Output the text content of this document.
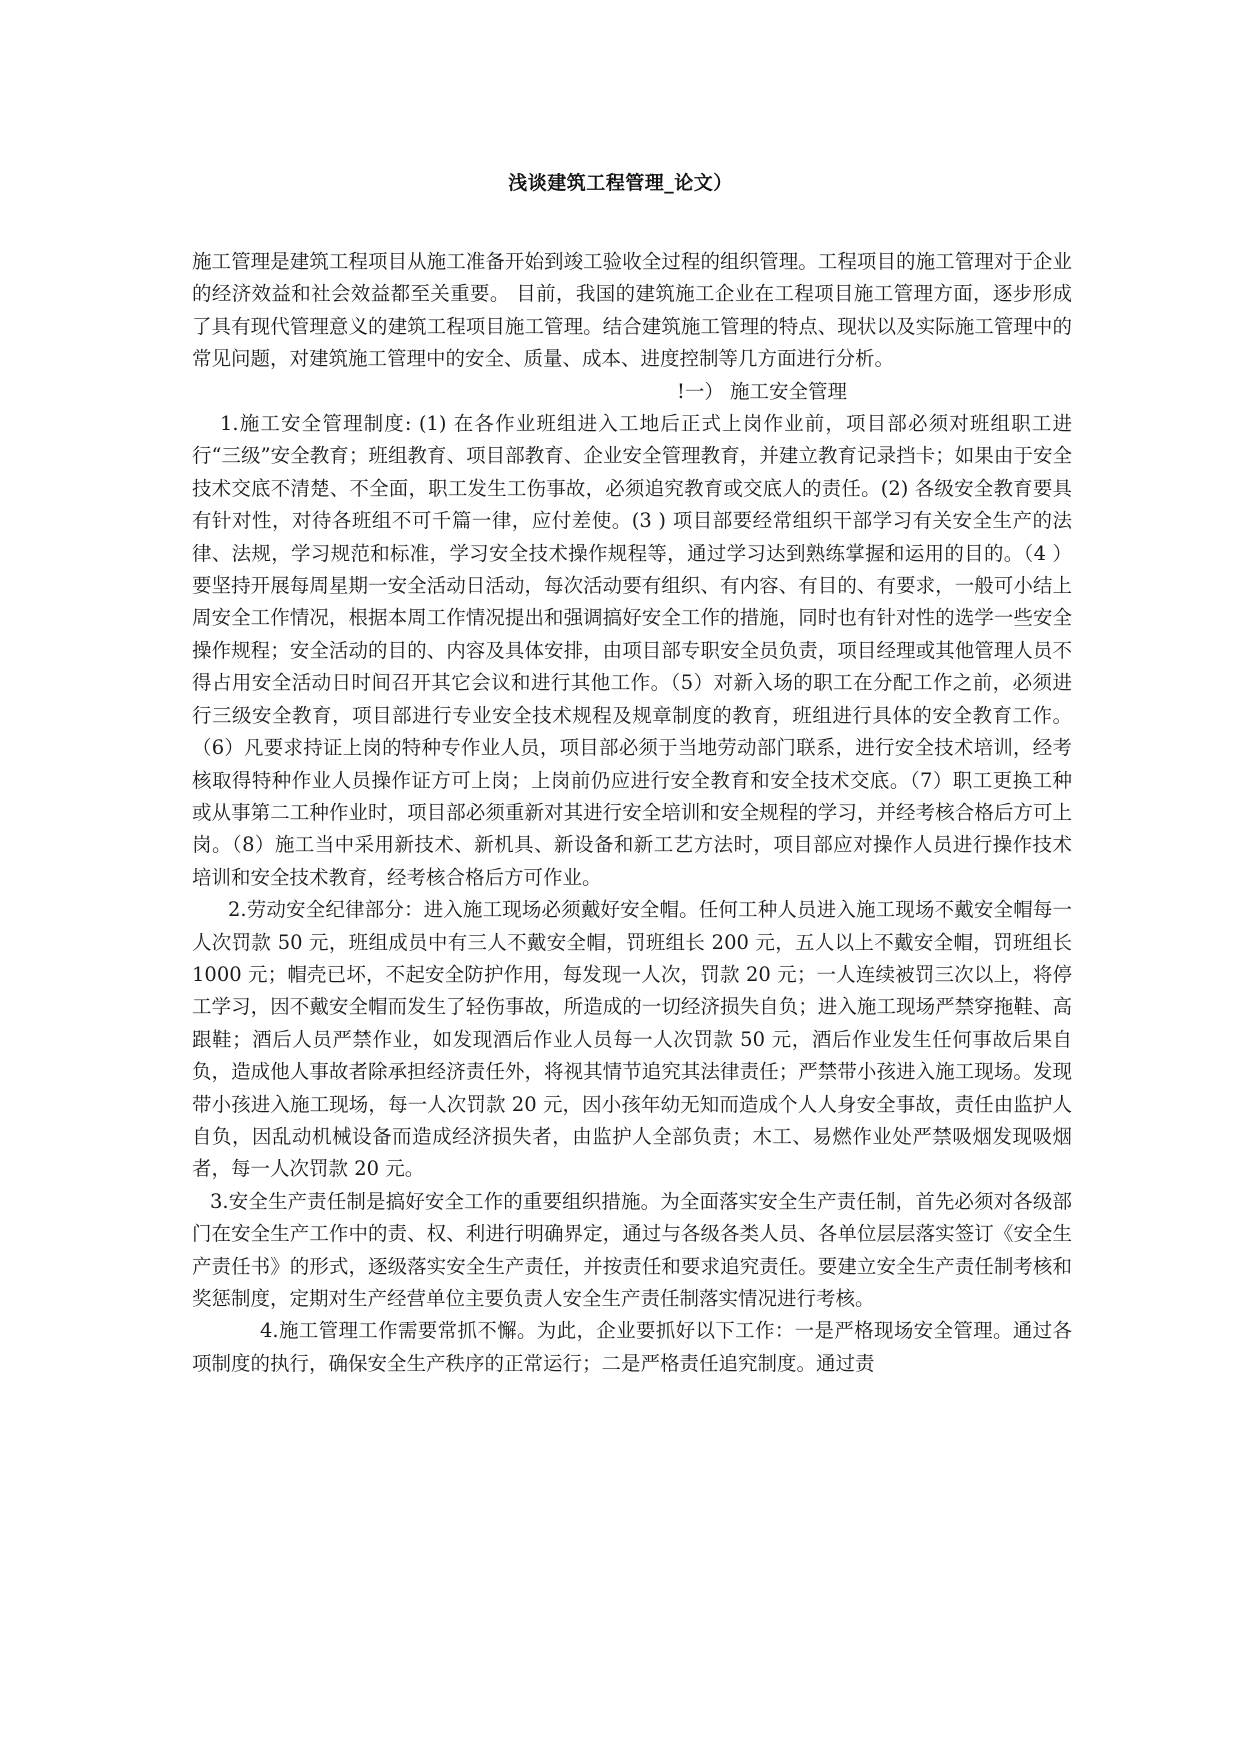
浅谈建筑工程管理_论文）

施工管理是建筑工程项目从施工准备开始到竣工验收全过程的组织管理。工程项目的施工管理对于企业的经济效益和社会效益都至关重要。 目前，我国的建筑施工企业在工程项目施工管理方面，逐步形成了具有现代管理意义的建筑工程项目施工管理。结合建筑施工管理的特点、现状以及实际施工管理中的常见问题，对建筑施工管理中的安全、质量、成本、进度控制等几方面进行分析。

!一） 施工安全管理

1.施工安全管理制度: (1) 在各作业班组进入工地后正式上岗作业前，项目部必须对班组职工进行“三级”安全教育；班组教育、项目部教育、企业安全管理教育，并建立教育记录挡卡；如果由于安全技术交底不清楚、不全面，职工发生工伤事故，必须追究教育或交底人的责任。(2) 各级安全教育要具有针对性，对待各班组不可千篇一律，应付差使。(3 ) 项目部要经常组织干部学习有关安全生产的法律、法规，学习规范和标准，学习安全技术操作规程等，通过学习达到熟练掌握和运用的目的。（4 ）要坚持开展每周星期一安全活动日活动，每次活动要有组织、有内容、有目的、有要求，一般可小结上周安全工作情况，根据本周工作情况提出和强调搞好安全工作的措施，同时也有针对性的选学一些安全操作规程；安全活动的目的、内容及具体安排，由项目部专职安全员负责，项目经理或其他管理人员不得占用安全活动日时间召开其它会议和进行其他工作。（5）对新入场的职工在分配工作之前，必须进行三级安全教育，项目部进行专业安全技术规程及规章制度的教育，班组进行具体的安全教育工作。（6）凡要求持证上岗的特种专作业人员，项目部必须于当地劳动部门联系，进行安全技术培训，经考核取得特种作业人员操作证方可上岗；上岗前仍应进行安全教育和安全技术交底。（7）职工更换工种或从事第二工种作业时，项目部必须重新对其进行安全培训和安全规程的学习，并经考核合格后方可上岗。（8）施工当中采用新技术、新机具、新设备和新工艺方法时，项目部应对操作人员进行操作技术培训和安全技术教育，经考核合格后方可作业。

2.劳动安全纪律部分：进入施工现场必须戴好安全帽。任何工种人员进入施工现场不戴安全帽每一人次罚款 50 元，班组成员中有三人不戴安全帽，罚班组长 200 元，五人以上不戴安全帽，罚班组长 1000 元；帽壳已坏，不起安全防护作用，每发现一人次，罚款 20 元；一人连续被罚三次以上，将停工学习，因不戴安全帽而发生了轻伤事故，所造成的一切经济损失自负；进入施工现场严禁穿拖鞋、高跟鞋；酒后人员严禁作业，如发现酒后作业人员每一人次罚款 50 元，酒后作业发生任何事故后果自负，造成他人事故者除承担经济责任外，将视其情节追究其法律责任；严禁带小孩进入施工现场。发现带小孩进入施工现场，每一人次罚款 20 元，因小孩年幼无知而造成个人人身安全事故，责任由监护人自负，因乱动机械设备而造成经济损失者，由监护人全部负责；木工、易燃作业处严禁吸烟发现吸烟者，每一人次罚款 20 元。

3.安全生产责任制是搞好安全工作的重要组织措施。为全面落实安全生产责任制，首先必须对各级部门在安全生产工作中的责、权、利进行明确界定，通过与各级各类人员、各单位层层落实签订《安全生产责任书》的形式，逐级落实安全生产责任，并按责任和要求追究责任。要建立安全生产责任制考核和奖惩制度，定期对生产经营单位主要负责人安全生产责任制落实情况进行考核。

4.施工管理工作需要常抓不懈。为此，企业要抓好以下工作：一是严格现场安全管理。通过各项制度的执行，确保安全生产秩序的正常运行；二是严格责任追究制度。通过责
